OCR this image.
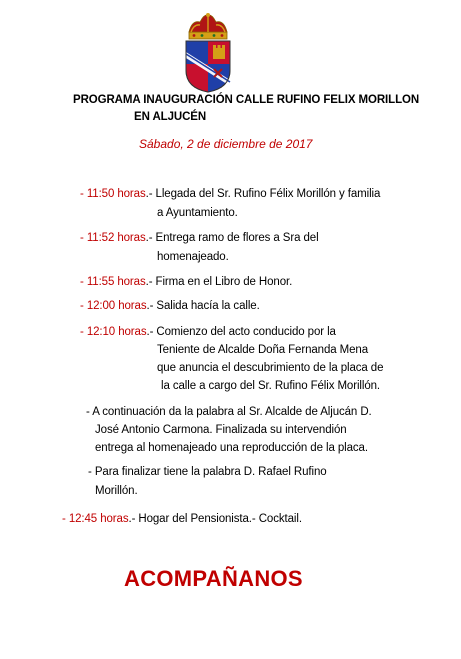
PROGRAMA INAUGURACIÓN CALLE RUFINO FELIX MORILLON
EN ALJUCÉN
Sábado, 2 de diciembre de 2017
- 11:50 horas.- Llegada del Sr. Rufino Félix Morillón y familia
a Ayuntamiento.
- 11:52 horas.- Entrega ramo de flores a Sra del
homenajeado.
- 11:55 horas.- Firma en el Libro de Honor.
- 12:00 horas.- Salida hacía la calle.
- 12:10 horas.- Comienzo del acto conducido por la
Teniente de Alcalde Doña Fernanda Mena
que anuncia el descubrimiento de la placa de
la calle a cargo del Sr. Rufino Félix Morillón.
- A continuación da la palabra al Sr. Alcalde de Aljucán D.
José Antonio Carmona. Finalizada su intervendión
entrega al homenajeado una reproducción de la placa.
- Para finalizar tiene la palabra D. Rafael Rufino
Morillón.
- 12:45 horas.- Hogar del Pensionista.- Cocktail.
ACOMPAÑANOS
